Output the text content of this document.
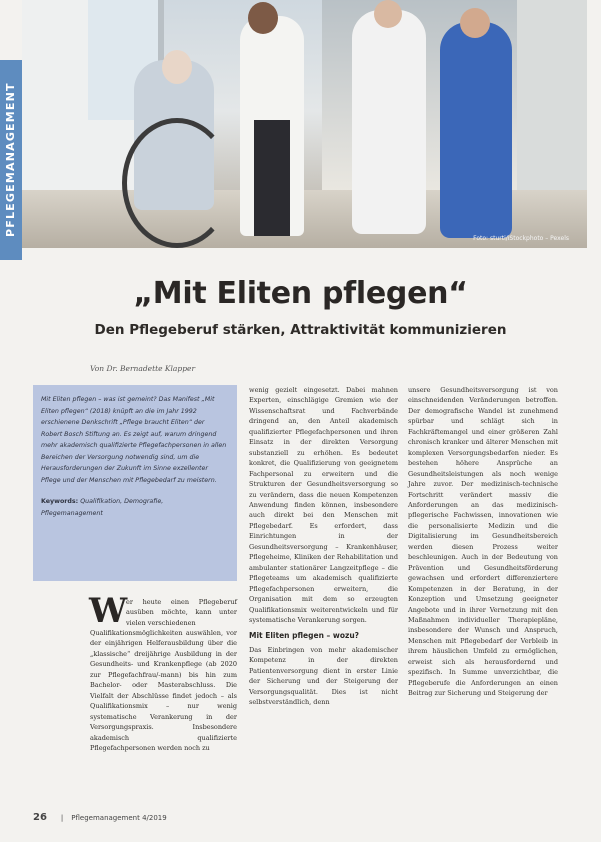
Foto: sturti/iStockphoto – Pexels
PFLEGEMANAGEMENT
„Mit Eliten pflegen“
Den Pflegeberuf stärken, Attraktivität kommunizieren
Von Dr. Bernadette Klapper

Mit Eliten pflegen – was ist gemeint? Das Manifest „Mit Eliten pflegen“ (2018) knüpft an die im Jahr 1992 erschienene Denkschrift „Pflege braucht Eliten“ der Robert Bosch Stiftung an. Es zeigt auf, warum dringend mehr akademisch qualifizierte Pflegefachpersonen in allen Bereichen der Versorgung notwendig sind, um die Herausforderungen der Zukunft im Sinne exzellenter Pflege und der Menschen mit Pflegebedarf zu meistern.

Keywords: Qualifikation, Demografie, Pflegemanagement

W
er heute einen Pflegeberuf ausüben möchte, kann unter vielen verschiedenen
Qualifikationsmöglichkeiten auswählen, vor der einjährigen Helferausbildung über die „klassische“ dreijährige Ausbildung in der Gesundheits- und Krankenpflege (ab 2020 zur Pflegefachfrau/-mann) bis hin zum Bachelor- oder Masterabschluss. Die Vielfalt der Abschlüsse findet jedoch – als Qualifikationsmix – nur wenig systematische Verankerung in der Versorgungspraxis. Insbesondere akademisch qualifizierte Pflegefachpersonen werden noch zu

wenig gezielt eingesetzt. Dabei mahnen Experten, einschlägige Gremien wie der Wissenschaftsrat und Fachverbände dringend an, den Anteil akademisch qualifizierter Pflegefachpersonen und ihren Einsatz in der direkten Versorgung substanziell zu erhöhen. Es bedeutet konkret, die Qualifizierung von geeignetem Fachpersonal zu erweitern und die Strukturen der Gesundheitsversorgung so zu verändern, dass die neuen Kompetenzen Anwendung finden können, insbesondere auch direkt bei den Menschen mit Pflegebedarf. Es erfordert, dass Einrichtungen in der Gesundheitsversorgung – Krankenhäuser, Pflegeheime, Kliniken der Rehabilitation und ambulanter stationärer Langzeitpflege – die Pflegeteams um akademisch qualifizierte Pflegefachpersonen erweitern, die Organisation mit dem so erzeugten Qualifikationsmix weiterentwickeln und für systematische Verankerung sorgen.

Mit Eliten pflegen – wozu?

Das Einbringen von mehr akademischer Kompetenz in der direkten Patientenversorgung dient in erster Linie der Sicherung und der Steigerung der Versorgungsqualität. Dies ist nicht selbstverständlich, denn

unsere Gesundheitsversorgung ist von einschneidenden Veränderungen betroffen. Der demografische Wandel ist zunehmend spürbar und schlägt sich in Fachkräftemangel und einer größeren Zahl chronisch kranker und älterer Menschen mit komplexen Versorgungsbedarfen nieder. Es bestehen höhere Ansprüche an Gesundheitsleistungen als noch wenige Jahre zuvor. Der medizinisch-technische Fortschritt verändert massiv die Anforderungen an das medizinisch-pflegerische Fachwissen, innovationen wie die personalisierte Medizin und die Digitalisierung im Gesundheitsbereich werden diesen Prozess weiter beschleunigen. Auch in der Bedeutung von Prävention und Gesundheitsförderung gewachsen und erfordert differenziertere Kompetenzen in der Beratung, in der Konzeption und Umsetzung geeigneter Angebote und in ihrer Vernetzung mit den Maßnahmen individueller Therapiepläne, insbesondere der Wunsch und Anspruch, Menschen mit Pflegebedarf der Verbleib in ihrem häuslichen Umfeld zu ermöglichen, erweist sich als herausfordernd und spezifisch. In Summe unverzichtbar, die Pflegeberufe die Anforderungen an einen Beitrag zur Sicherung und Steigerung der

26 | Pflegemanagement 4/2019
